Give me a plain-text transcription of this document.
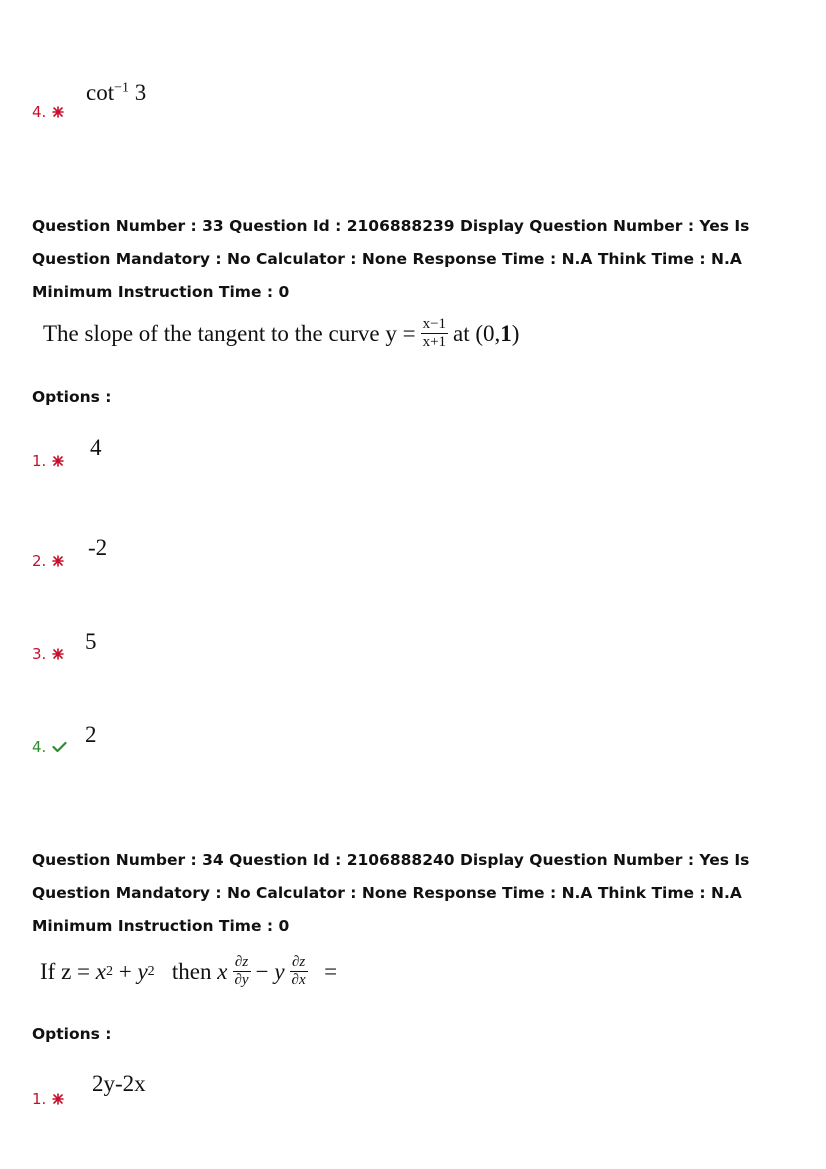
4.
$\cot^{-1} 3$
Question Number : 33 Question Id : 2106888239 Display Question Number : Yes Is Question Mandatory : No Calculator : None Response Time : N.A Think Time : N.A Minimum Instruction Time : 0
The slope of the tangent to the curve $y = \frac{x-1}{x+1}$ at (0, 1 )
Options :
1.
4
2.
-2
3. 5
4. 2
Question Number : 34 Question Id : 2106888240 Display Question Number : Yes Is Question Mandatory : No Calculator : None Response Time : N.A Think Time : N.A Minimum Instruction Time : 0
If z =
x 2
+
y 2
then
x $\frac{\partial z}{\partial y}$ −
y $\frac{\partial z}{\partial x}$
=
Options :
1.
2y-2x
